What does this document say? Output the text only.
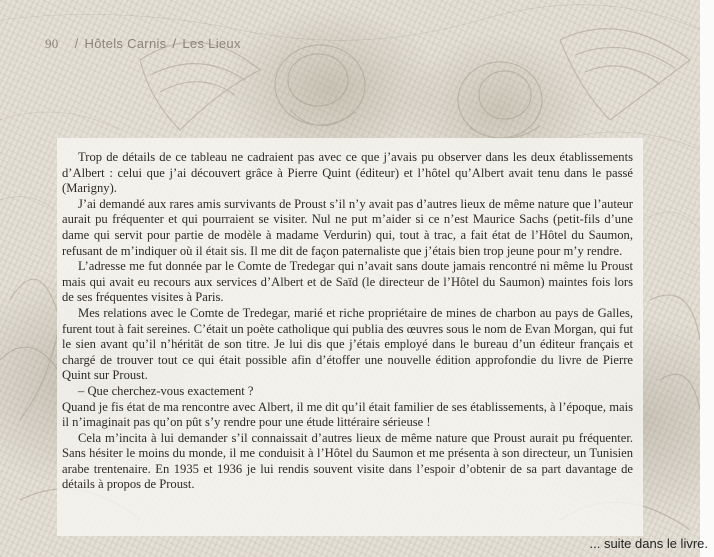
90 / Hôtels Carnis / Les Lieux

Trop de détails de ce tableau ne cadraient pas avec ce que j’avais pu observer dans les deux établissements d’Albert : celui que j’ai découvert grâce à Pierre Quint (éditeur) et l’hôtel qu’Albert avait tenu dans le passé (Marigny).

J’ai demandé aux rares amis survivants de Proust s’il n’y avait pas d’autres lieux de même nature que l’auteur aurait pu fréquenter et qui pourraient se visiter. Nul ne put m’aider si ce n’est Maurice Sachs (petit-fils d’une dame qui servit pour partie de modèle à madame Verdurin) qui, tout à trac, a fait état de l’Hôtel du Saumon, refusant de m’indiquer où il était sis. Il me dit de façon paternaliste que j’étais bien trop jeune pour m’y rendre.

L’adresse me fut donnée par le Comte de Tredegar qui n’avait sans doute jamais rencontré ni même lu Proust mais qui avait eu recours aux services d’Albert et de Saïd (le directeur de l’Hôtel du Saumon) maintes fois lors de ses fréquentes visites à Paris.

Mes relations avec le Comte de Tredegar, marié et riche propriétaire de mines de charbon au pays de Galles, furent tout à fait sereines. C’était un poète catholique qui publia des œuvres sous le nom de Evan Morgan, qui fut le sien avant qu’il n’hérität de son titre. Je lui dis que j’étais employé dans le bureau d’un éditeur français et chargé de trouver tout ce qui était possible afin d’étoffer une nouvelle édition approfondie du livre de Pierre Quint sur Proust.

– Que cherchez-vous exactement ?

Quand je fis état de ma rencontre avec Albert, il me dit qu’il était familier de ses établissements, à l’époque, mais il n’imaginait pas qu’on pût s’y rendre pour une étude littéraire sérieuse !

Cela m’incita à lui demander s’il connaissait d’autres lieux de même nature que Proust aurait pu fréquenter. Sans hésiter le moins du monde, il me conduisit à l’Hôtel du Saumon et me présenta à son directeur, un Tunisien arabe trentenaire. En 1935 et 1936 je lui rendis souvent visite dans l’espoir d’obtenir de sa part davantage de détails à propos de Proust.

... suite dans le livre.
